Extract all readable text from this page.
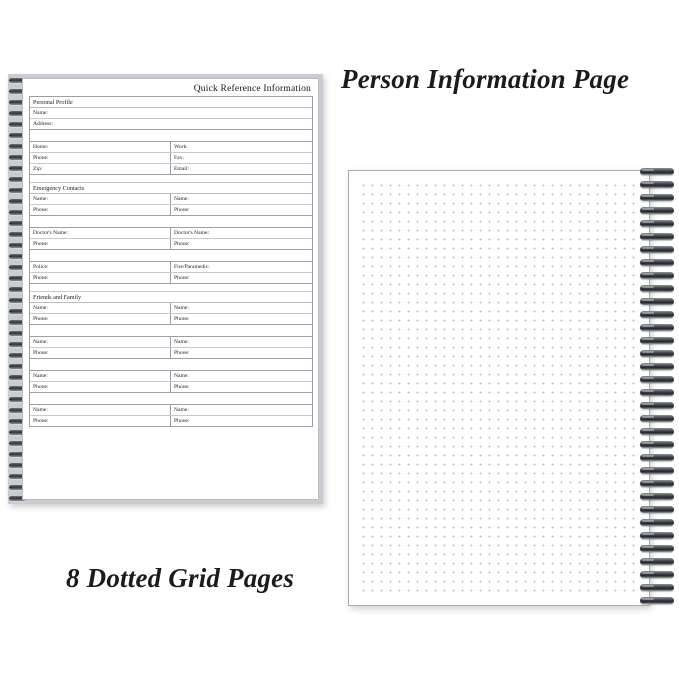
Person Information Page
8 Dotted Grid Pages
Quick Reference Information
Personal Profile
Name:
Address:
Home:	Work:
Phone:	Fax:
Zip:	Email:
Emergency Contacts
Name:	Name:
Phone:	Phone:
Doctor's Name:	Doctor's Name:
Phone:	Phone:
Police:	Fire/Paramedic:
Phone:	Phone:
Friends and Family
Name:	Name:
Phone:	Phone:
Name:	Name:
Phone:	Phone:
Name:	Name:
Phone:	Phone:
Name:	Name:
Phone:	Phone:
